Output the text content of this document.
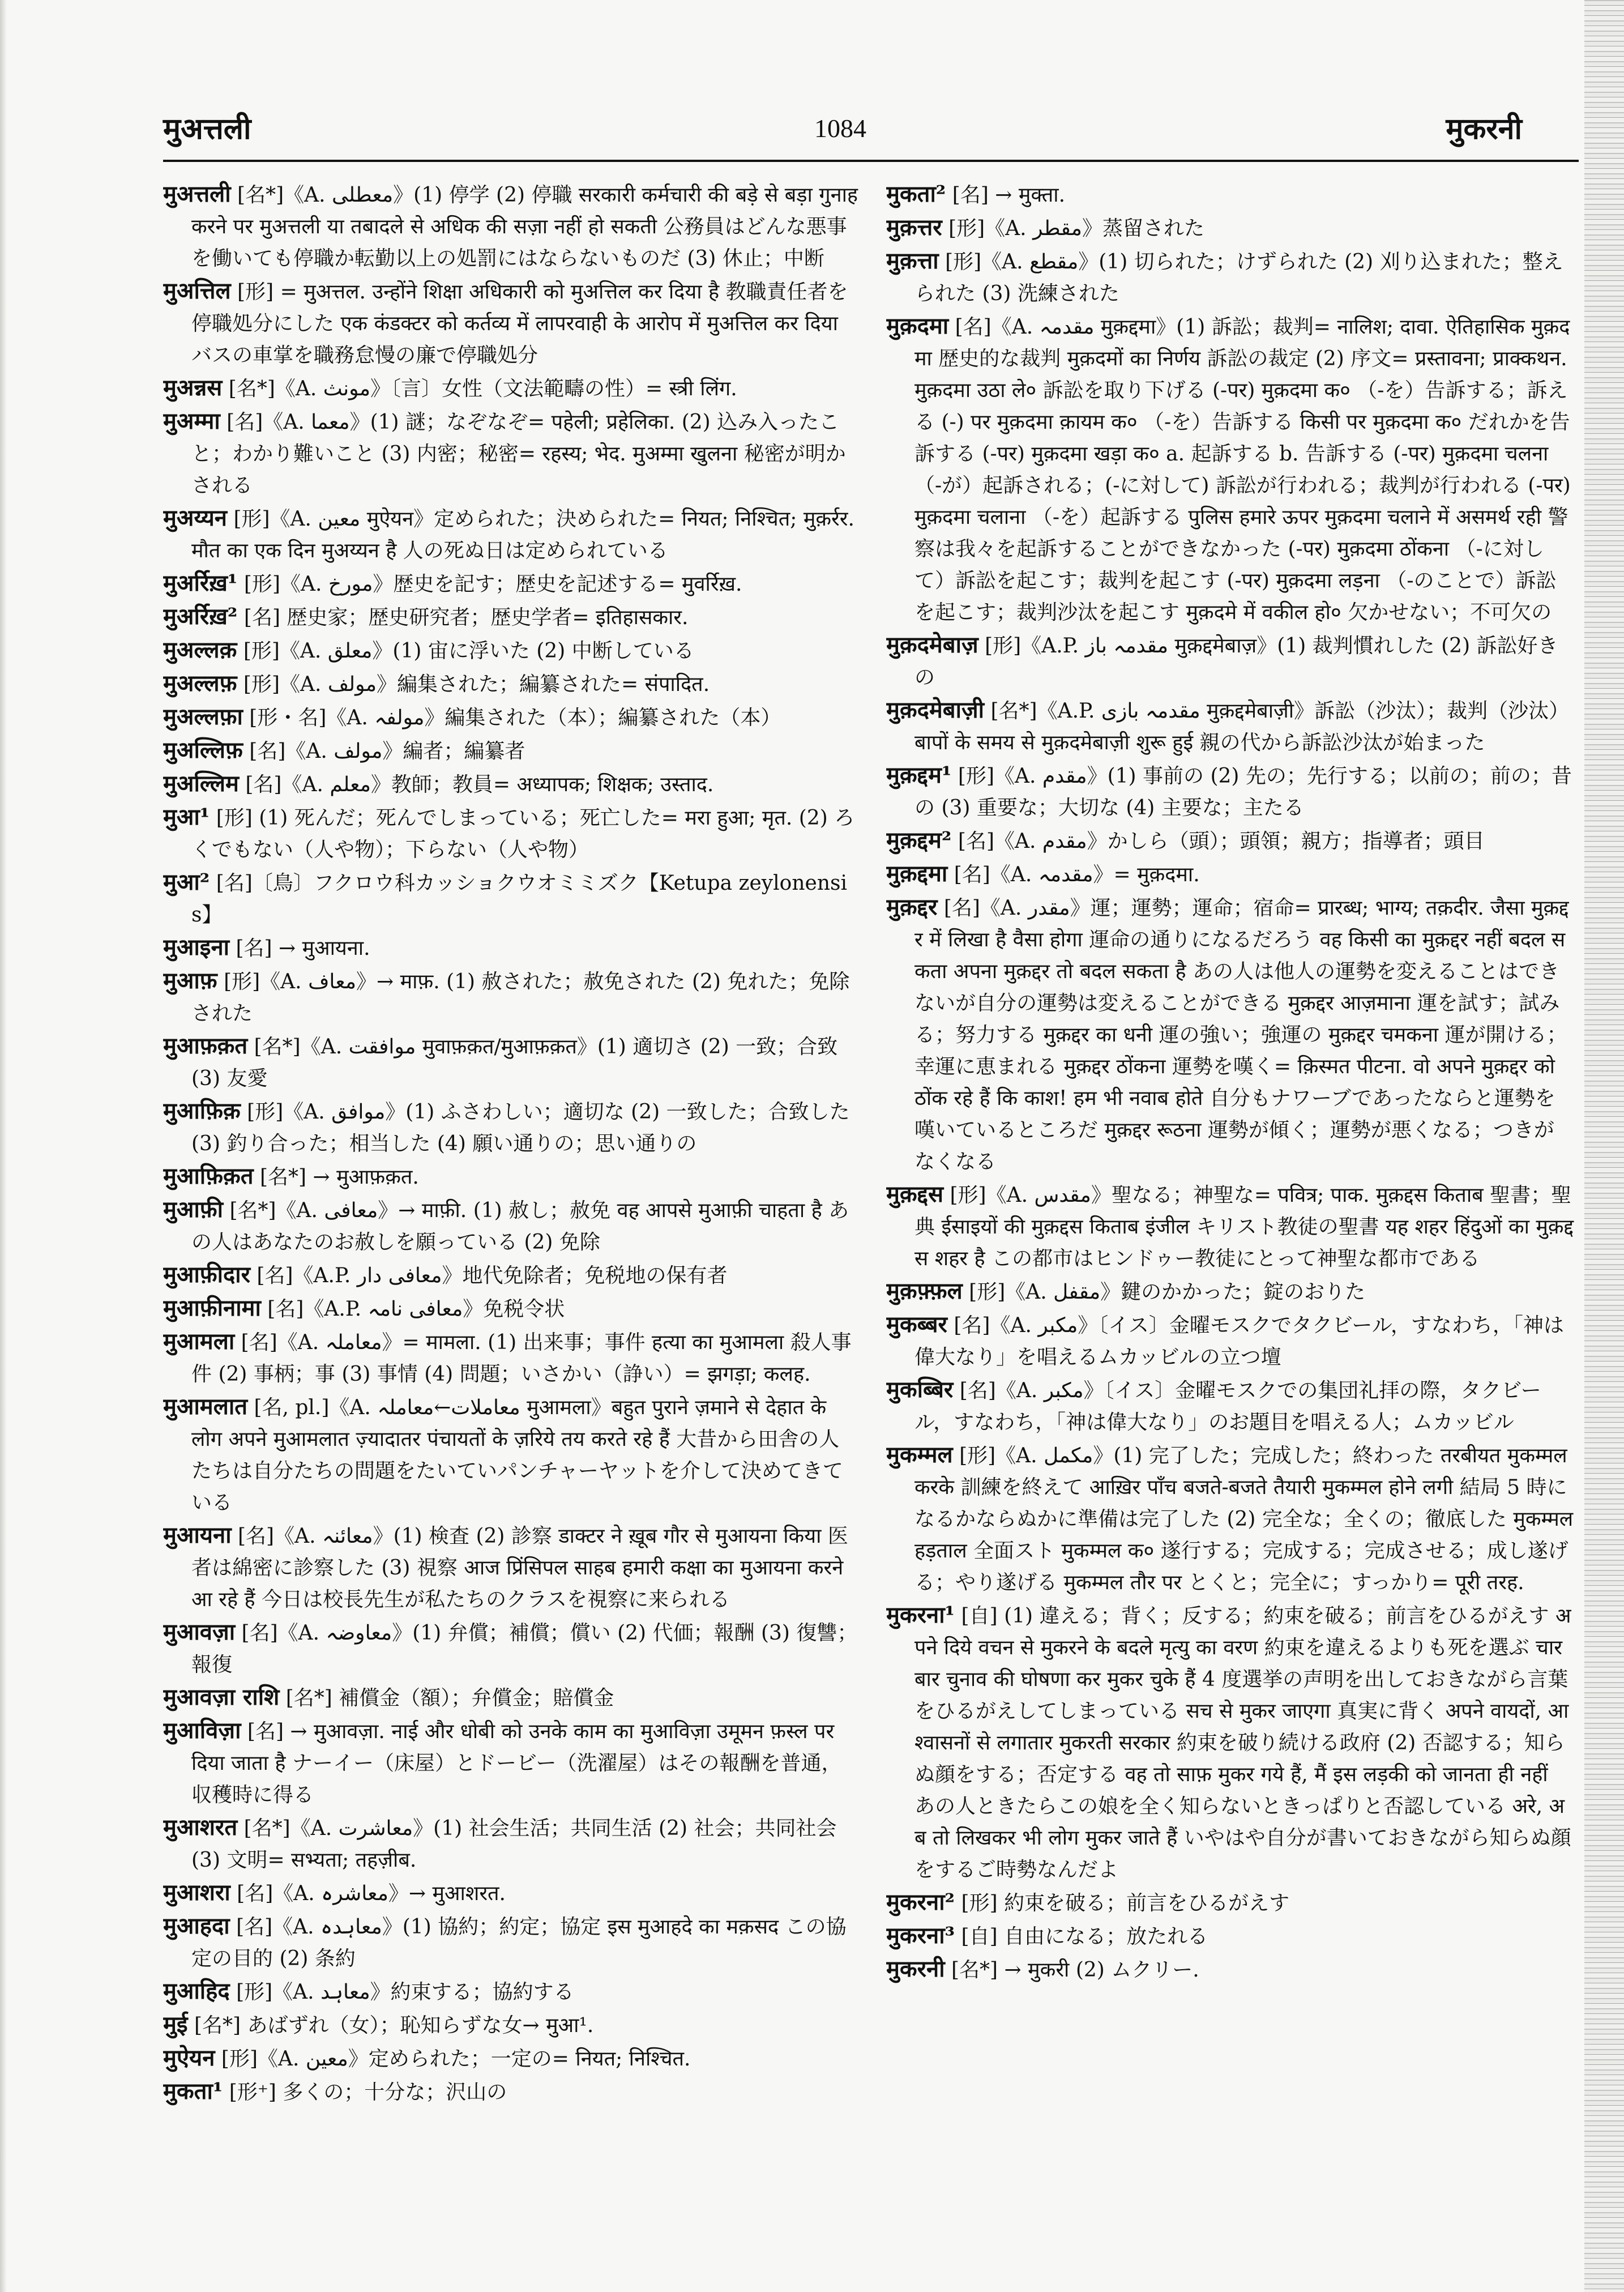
मुअत्तली	1084	मुकरनी
मुअत्तली [名*]《A. معطلی》(1) 停学 (2) 停職 सरकारी कर्मचारी की बड़े से बड़ा गुनाह करने पर मुअत्तली या तबादले से अधिक की सज़ा नहीं हो सकती 公務員はどんな悪事を働いても停職か転勤以上の処罰にはならないものだ (3) 休止；中断
मुअत्तिल [形] = मुअत्तल. उन्होंने शिक्षा अधिकारी को मुअत्तिल कर दिया है 教職責任者を停職処分にした एक कंडक्टर को कर्तव्य में लापरवाही के आरोप में मुअत्तिल कर दिया バスの車掌を職務怠慢の廉で停職処分
मुअन्नस [名*]《A. مونث》〔言〕女性（文法範疇の性）= स्त्री लिंग.
मुअम्मा [名]《A. معما》(1) 謎；なぞなぞ= पहेली; प्रहेलिका. (2) 込み入ったこと；わかり難いこと (3) 内密；秘密= रहस्य; भेद. मुअम्मा खुलना 秘密が明かされる
मुअय्यन [形]《A. معین मुऐयन》定められた；決められた= नियत; निश्चित; मुक़र्रर. मौत का एक दिन मुअय्यन है 人の死ぬ日は定められている
मुअर्रिख़¹ [形]《A. مورخ》歴史を記す；歴史を記述する= मुवर्रिख़.
मुअर्रिख़² [名] 歴史家；歴史研究者；歴史学者= इतिहासकार.
मुअल्लक़ [形]《A. معلق》(1) 宙に浮いた (2) 中断している
मुअल्लफ़ [形]《A. مولف》編集された；編纂された= संपादित.
मुअल्लफ़ा [形・名]《A. مولفہ》編集された（本）；編纂された（本）
मुअल्लिफ़ [名]《A. مولف》編者；編纂者
मुअल्लिम [名]《A. معلم》教師；教員= अध्यापक; शिक्षक; उस्ताद.
मुआ¹ [形] (1) 死んだ；死んでしまっている；死亡した= मरा हुआ; मृत. (2) ろくでもない（人や物）；下らない（人や物）
मुआ² [名]〔鳥〕フクロウ科カッショクウオミミズク【Ketupa zeylonensis】
मुआइना [名] → मुआयना.
मुआफ़ [形]《A. معاف》→ माफ़. (1) 赦された；赦免された (2) 免れた；免除された
मुआफ़क़त [名*]《A. موافقت मुवाफ़क़त/मुआफ़क़त》(1) 適切さ (2) 一致；合致 (3) 友愛
मुआफ़िक़ [形]《A. موافق》(1) ふさわしい；適切な (2) 一致した；合致した (3) 釣り合った；相当した (4) 願い通りの；思い通りの
मुआफ़िक़त [名*] → मुआफ़क़त.
मुआफ़ी [名*]《A. معافی》→ माफ़ी. (1) 赦し；赦免 वह आपसे मुआफ़ी चाहता है あの人はあなたのお赦しを願っている (2) 免除
मुआफ़ीदार [名]《A.P. معافی دار》地代免除者；免税地の保有者
मुआफ़ीनामा [名]《A.P. معافی نامہ》免税令状
मुआमला [名]《A. معاملہ》= मामला. (1) 出来事；事件 हत्या का मुआमला 殺人事件 (2) 事柄；事 (3) 事情 (4) 問題；いさかい（諍い）= झगड़ा; कलह.
मुआमलात [名, pl.]《A. معاملات←معاملہ मुआमला》बहुत पुराने ज़माने से देहात के लोग अपने मुआमलात ज़्यादातर पंचायतों के ज़रिये तय करते रहे हैं 大昔から田舎の人たちは自分たちの問題をたいていパンチャーヤットを介して決めてきている
मुआयना [名]《A. معائنہ》(1) 検査 (2) 診察 डाक्टर ने ख़ूब गौर से मुआयना किया 医者は綿密に診察した (3) 視察 आज प्रिंसिपल साहब हमारी कक्षा का मुआयना करने आ रहे हैं 今日は校長先生が私たちのクラスを視察に来られる
मुआवज़ा [名]《A. معاوضہ》(1) 弁償；補償；償い (2) 代価；報酬 (3) 復讐；報復
मुआवज़ा राशि [名*] 補償金（額）；弁償金；賠償金
मुआविज़ा [名] → मुआवज़ा. नाई और धोबी को उनके काम का मुआविज़ा उमूमन फ़स्ल पर दिया जाता है ナーイー（床屋）とドービー（洗濯屋）はその報酬を普通，収穫時に得る
मुआशरत [名*]《A. معاشرت》(1) 社会生活；共同生活 (2) 社会；共同社会 (3) 文明= सभ्यता; तहज़ीब.
मुआशरा [名]《A. معاشرہ》→ मुआशरत.
मुआहदा [名]《A. معاہدہ》(1) 協約；約定；協定 इस मुआहदे का मक़सद この協定の目的 (2) 条約
मुआहिद [形]《A. معاہد》約束する；協約する
मुई [名*] あばずれ（女）；恥知らずな女→ मुआ¹.
मुऐयन [形]《A. معین》定められた；一定の= नियत; निश्चित.
मुकता¹ [形⁺] 多くの；十分な；沢山の
मुकता² [名] → मुक्ता.
मुक़त्तर [形]《A. مقطر》蒸留された
मुक़त्ता [形]《A. مقطع》(1) 切られた；けずられた (2) 刈り込まれた；整えられた (3) 洗練された
मुक़दमा [名]《A. مقدمہ मुक़द्दमा》(1) 訴訟；裁判= नालिश; दावा. ऐतिहासिक मुक़दमा 歴史的な裁判 मुक़दमों का निर्णय 訴訟の裁定 (2) 序文= प्रस्तावना; प्राक्कथन. मुक़दमा उठा ले० 訴訟を取り下げる (-पर) मुक़दमा क० （-を）告訴する；訴える (-) पर मुक़दमा क़ायम क० （-を）告訴する किसी पर मुक़दमा क० だれかを告訴する (-पर) मुक़दमा खड़ा क० a. 起訴する b. 告訴する (-पर) मुक़दमा चलना （-が）起訴される；(-に対して) 訴訟が行われる；裁判が行われる (-पर) मुक़दमा चलाना （-を）起訴する पुलिस हमारे ऊपर मुक़दमा चलाने में असमर्थ रही 警察は我々を起訴することができなかった (-पर) मुक़दमा ठोंकना （-に対して）訴訟を起こす；裁判を起こす (-पर) मुक़दमा लड़ना （-のことで）訴訟を起こす；裁判沙汰を起こす मुक़दमे में वकील हो० 欠かせない；不可欠の
मुक़दमेबाज़ [形]《A.P. مقدمہ باز मुक़द्दमेबाज़》(1) 裁判慣れした (2) 訴訟好きの
मुक़दमेबाज़ी [名*]《A.P. مقدمہ بازی मुक़द्दमेबाज़ी》訴訟（沙汰）；裁判（沙汰） बापों के समय से मुक़दमेबाज़ी शुरू हुई 親の代から訴訟沙汰が始まった
मुक़द्दम¹ [形]《A. مقدم》(1) 事前の (2) 先の；先行する；以前の；前の；昔の (3) 重要な；大切な (4) 主要な；主たる
मुक़द्दम² [名]《A. مقدم》かしら（頭）；頭領；親方；指導者；頭目
मुक़द्दमा [名]《A. مقدمہ》= मुक़दमा.
मुक़द्दर [名]《A. مقدر》運；運勢；運命；宿命= प्रारब्ध; भाग्य; तक़दीर. जैसा मुक़द्दर में लिखा है वैसा होगा 運命の通りになるだろう वह किसी का मुक़द्दर नहीं बदल सकता अपना मुक़द्दर तो बदल सकता है あの人は他人の運勢を変えることはできないが自分の運勢は変えることができる मुक़द्दर आज़माना 運を試す；試みる；努力する मुक़द्दर का धनी 運の強い；強運の मुक़द्दर चमकना 運が開ける；幸運に恵まれる मुक़द्दर ठोंकना 運勢を嘆く= क़िस्मत पीटना. वो अपने मुक़द्दर को ठोंक रहे हैं कि काश! हम भी नवाब होते 自分もナワーブであったならと運勢を嘆いているところだ मुक़द्दर रूठना 運勢が傾く；運勢が悪くなる；つきがなくなる
मुक़द्दस [形]《A. مقدس》聖なる；神聖な= पवित्र; पाक. मुक़द्दस किताब 聖書；聖典 ईसाइयों की मुक़द्दस किताब इंजील キリスト教徒の聖書 यह शहर हिंदुओं का मुक़द्दस शहर है この都市はヒンドゥー教徒にとって神聖な都市である
मुक़फ़्फ़ल [形]《A. مقفل》鍵のかかった；錠のおりた
मुकब्बर [名]《A. مکبر》〔イス〕金曜モスクでタクビール，すなわち，「神は偉大なり」を唱えるムカッビルの立つ壇
मुकब्बिर [名]《A. مکبر》〔イス〕金曜モスクでの集団礼拝の際，タクビール，すなわち，「神は偉大なり」のお題目を唱える人；ムカッビル
मुकम्मल [形]《A. مکمل》(1) 完了した；完成した；終わった तरबीयत मुकम्मल करके 訓練を終えて आख़िर पाँच बजते-बजते तैयारी मुकम्मल होने लगी 結局 5 時になるかならぬかに準備は完了した (2) 完全な；全くの；徹底した मुकम्मल हड़ताल 全面スト मुकम्मल क० 遂行する；完成する；完成させる；成し遂げる；やり遂げる मुकम्मल तौर पर とくと；完全に；すっかり= पूरी तरह.
मुकरना¹ [自] (1) 違える；背く；反する；約束を破る；前言をひるがえす अपने दिये वचन से मुकरने के बदले मृत्यु का वरण 約束を違えるよりも死を選ぶ चार बार चुनाव की घोषणा कर मुकर चुके हैं 4 度選挙の声明を出しておきながら言葉をひるがえしてしまっている सच से मुकर जाएगा 真実に背く अपने वायदों, आश्वासनों से लगातार मुकरती सरकार 約束を破り続ける政府 (2) 否認する；知らぬ顔をする；否定する वह तो साफ़ मुकर गये हैं, मैं इस लड़की को जानता ही नहीं あの人ときたらこの娘を全く知らないときっぱりと否認している अरे, अब तो लिखकर भी लोग मुकर जाते हैं いやはや自分が書いておきながら知らぬ顔をするご時勢なんだよ
मुकरना² [形] 約束を破る；前言をひるがえす
मुकरना³ [自] 自由になる；放たれる
मुकरनी [名*] → मुकरी (2) ムクリー.
